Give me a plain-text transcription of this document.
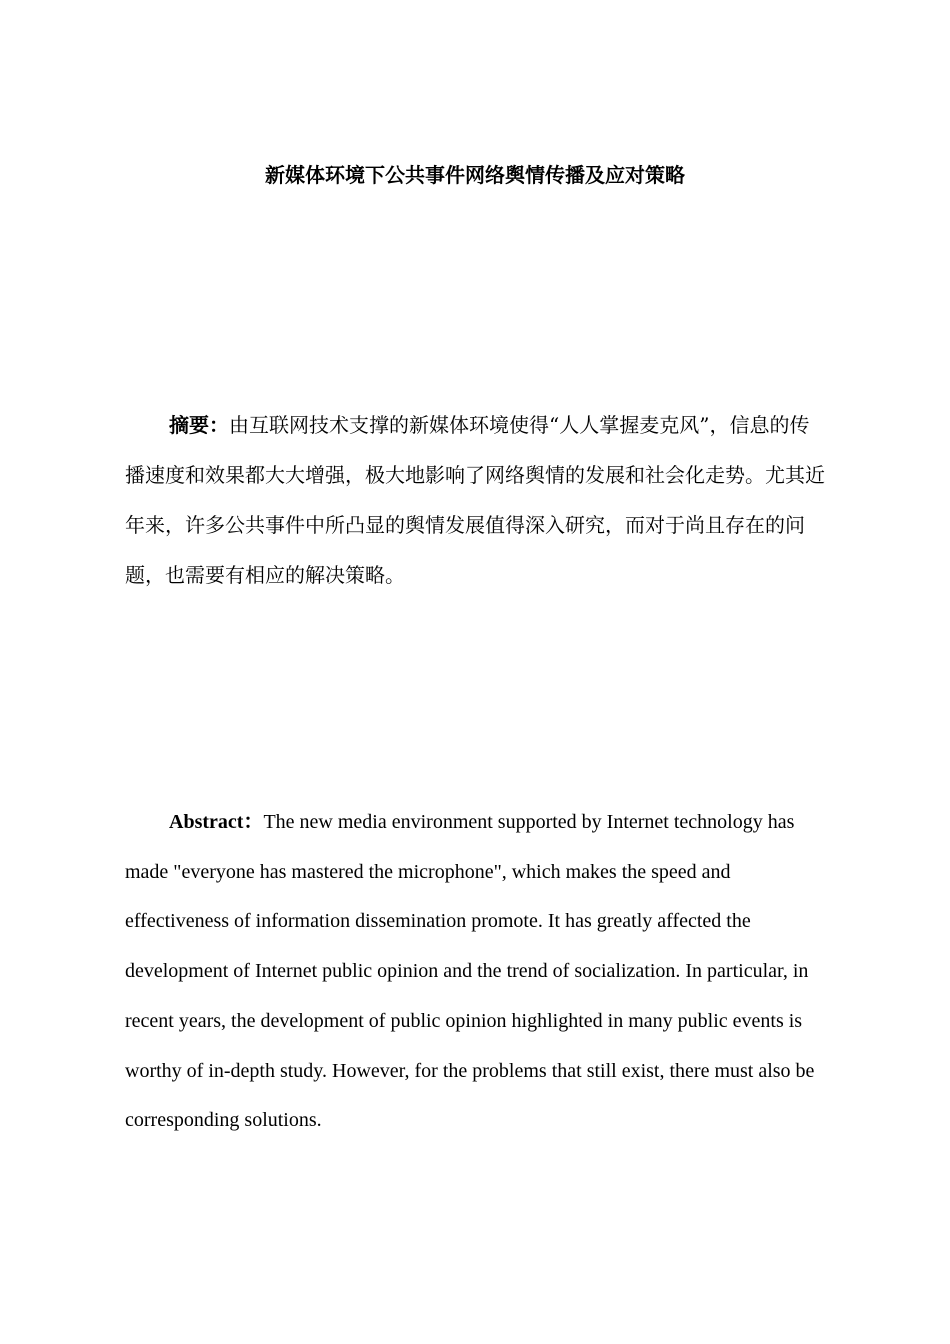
新媒体环境下公共事件网络舆情传播及应对策略

摘要：由互联网技术支撑的新媒体环境使得“人人掌握麦克风”，信息的传播速度和效果都大大增强，极大地影响了网络舆情的发展和社会化走势。尤其近年来，许多公共事件中所凸显的舆情发展值得深入研究，而对于尚且存在的问题，也需要有相应的解决策略。

Abstract：The new media environment supported by Internet technology has made "everyone has mastered the microphone", which makes the speed and effectiveness of information dissemination promote. It has greatly affected the development of Internet public opinion and the trend of socialization. In particular, in recent years, the development of public opinion highlighted in many public events is worthy of in-depth study. However, for the problems that still exist, there must also be corresponding solutions.
